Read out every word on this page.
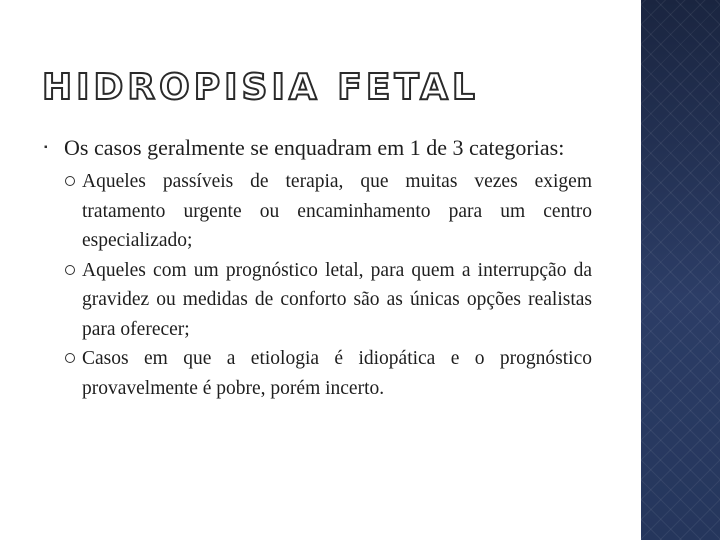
HIDROPISIA FETAL
▪ Os casos geralmente se enquadram em 1 de 3 categorias:
Aqueles passíveis de terapia, que muitas vezes exigem tratamento urgente ou encaminhamento para um centro especializado;
Aqueles com um prognóstico letal, para quem a interrupção da gravidez ou medidas de conforto são as únicas opções realistas para oferecer;
Casos em que a etiologia é idiopática e o prognóstico provavelmente é pobre, porém incerto.
